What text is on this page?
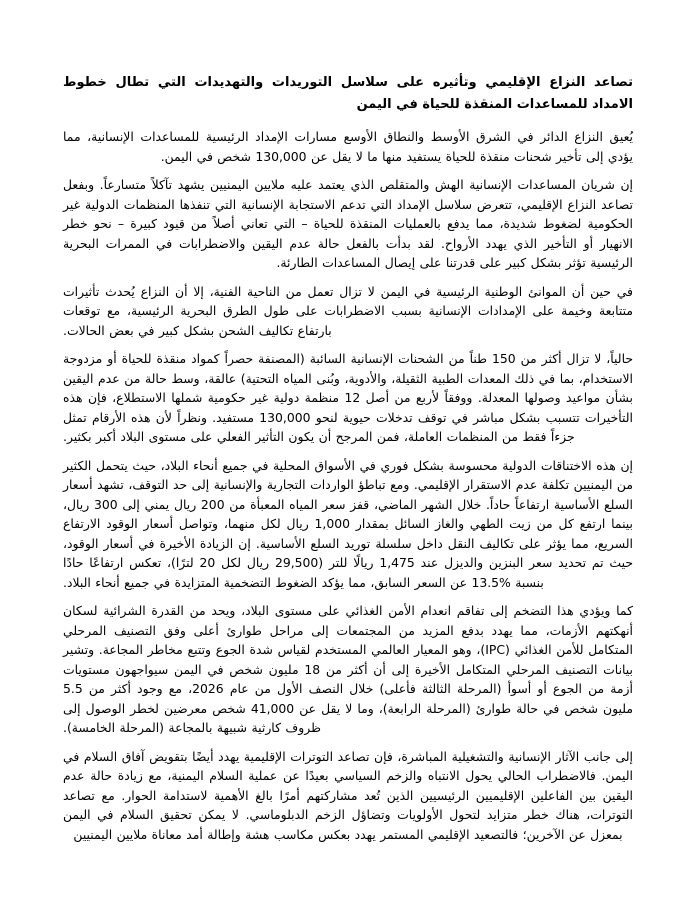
تصاعد النزاع الإقليمي وتأثيره على سلاسل التوريدات والتهديدات التي تطال خطوط الامداد للمساعدات المنقذة للحياة في اليمن

يُعيق النزاع الدائر في الشرق الأوسط والنطاق الأوسع مسارات الإمداد الرئيسية للمساعدات الإنسانية، مما يؤدي إلى تأخير شحنات منقذة للحياة يستفيد منها ما لا يقل عن 130,000 شخص في اليمن.

إن شريان المساعدات الإنسانية الهش والمتقلص الذي يعتمد عليه ملايين اليمنيين يشهد تآكلاً متسارعاً. وبفعل تصاعد النزاع الإقليمي، تتعرض سلاسل الإمداد التي تدعم الاستجابة الإنسانية التي تنفذها المنظمات الدولية غير الحكومية لضغوط شديدة، مما يدفع بالعمليات المنقذة للحياة – التي تعاني أصلاً من قيود كبيرة – نحو خطر الانهيار أو التأخير الذي يهدد الأرواح. لقد بدأت بالفعل حالة عدم اليقين والاضطرابات في الممرات البحرية الرئيسية تؤثر بشكل كبير على قدرتنا على إيصال المساعدات الطارئة.

في حين أن الموانئ الوطنية الرئيسية في اليمن لا تزال تعمل من الناحية الفنية، إلا أن النزاع يُحدث تأثيرات متتابعة وخيمة على الإمدادات الإنسانية بسبب الاضطرابات على طول الطرق البحرية الرئيسية، مع توقعات بارتفاع تكاليف الشحن بشكل كبير في بعض الحالات.

حالياً، لا تزال أكثر من 150 طناً من الشحنات الإنسانية السائبة (المصنفة حصراً كمواد منقذة للحياة أو مزدوجة الاستخدام، بما في ذلك المعدات الطبية الثقيلة، والأدوية، وبُنى المياه التحتية) عالقة، وسط حالة من عدم اليقين بشأن مواعيد وصولها المعدلة. ووفقاً لأربع من أصل 12 منظمة دولية غير حكومية شملها الاستطلاع، فإن هذه التأخيرات تتسبب بشكل مباشر في توقف تدخلات حيوية لنحو 130,000 مستفيد. ونظراً لأن هذه الأرقام تمثل جزءاً فقط من المنظمات العاملة، فمن المرجح أن يكون التأثير الفعلي على مستوى البلاد أكبر بكثير.

إن هذه الاختناقات الدولية محسوسة بشكل فوري في الأسواق المحلية في جميع أنحاء البلاد، حيث يتحمل الكثير من اليمنيين تكلفة عدم الاستقرار الإقليمي. ومع تباطؤ الواردات التجارية والإنسانية إلى حد التوقف، تشهد أسعار السلع الأساسية ارتفاعاً حاداً. خلال الشهر الماضي، قفز سعر المياه المعبأة من 200 ريال يمني إلى 300 ريال، بينما ارتفع كل من زيت الطهي والغاز السائل بمقدار 1,000 ريال لكل منهما، وتواصل أسعار الوقود الارتفاع السريع، مما يؤثر على تكاليف النقل داخل سلسلة توريد السلع الأساسية. إن الزيادة الأخيرة في أسعار الوقود، حيث تم تحديد سعر البنزين والديزل عند 1,475 ريالًا للتر (29,500 ريال لكل 20 لترًا)، تعكس ارتفاعًا حادًا بنسبة %13.5 عن السعر السابق، مما يؤكد الضغوط التضخمية المتزايدة في جميع أنحاء البلاد.

كما ويؤدي هذا التضخم إلى تفاقم انعدام الأمن الغذائي على مستوى البلاد، ويحد من القدرة الشرائية لسكان أنهكتهم الأزمات، مما يهدد بدفع المزيد من المجتمعات إلى مراحل طوارئ أعلى وفق التصنيف المرحلي المتكامل للأمن الغذائي (IPC)، وهو المعيار العالمي المستخدم لقياس شدة الجوع وتتبع مخاطر المجاعة. وتشير بيانات التصنيف المرحلي المتكامل الأخيرة إلى أن أكثر من 18 مليون شخص في اليمن سيواجهون مستويات أزمة من الجوع أو أسوأ (المرحلة الثالثة فأعلى) خلال النصف الأول من عام 2026، مع وجود أكثر من 5.5 مليون شخص في حالة طوارئ (المرحلة الرابعة)، وما لا يقل عن 41,000 شخص معرضين لخطر الوصول إلى ظروف كارثية شبيهة بالمجاعة (المرحلة الخامسة).

إلى جانب الآثار الإنسانية والتشغيلية المباشرة، فإن تصاعد التوترات الإقليمية يهدد أيضًا بتقويض آفاق السلام في اليمن. فالاضطراب الحالي يحول الانتباه والزخم السياسي بعيدًا عن عملية السلام اليمنية، مع زيادة حالة عدم اليقين بين الفاعلين الإقليميين الرئيسيين الذين تُعد مشاركتهم أمرًا بالغ الأهمية لاستدامة الحوار. مع تصاعد التوترات، هناك خطر متزايد لتحول الأولويات وتضاؤل الزخم الدبلوماسي. لا يمكن تحقيق السلام في اليمن بمعزل عن الآخرين؛ فالتصعيد الإقليمي المستمر يهدد بعكس مكاسب هشة وإطالة أمد معاناة ملايين اليمنيين
